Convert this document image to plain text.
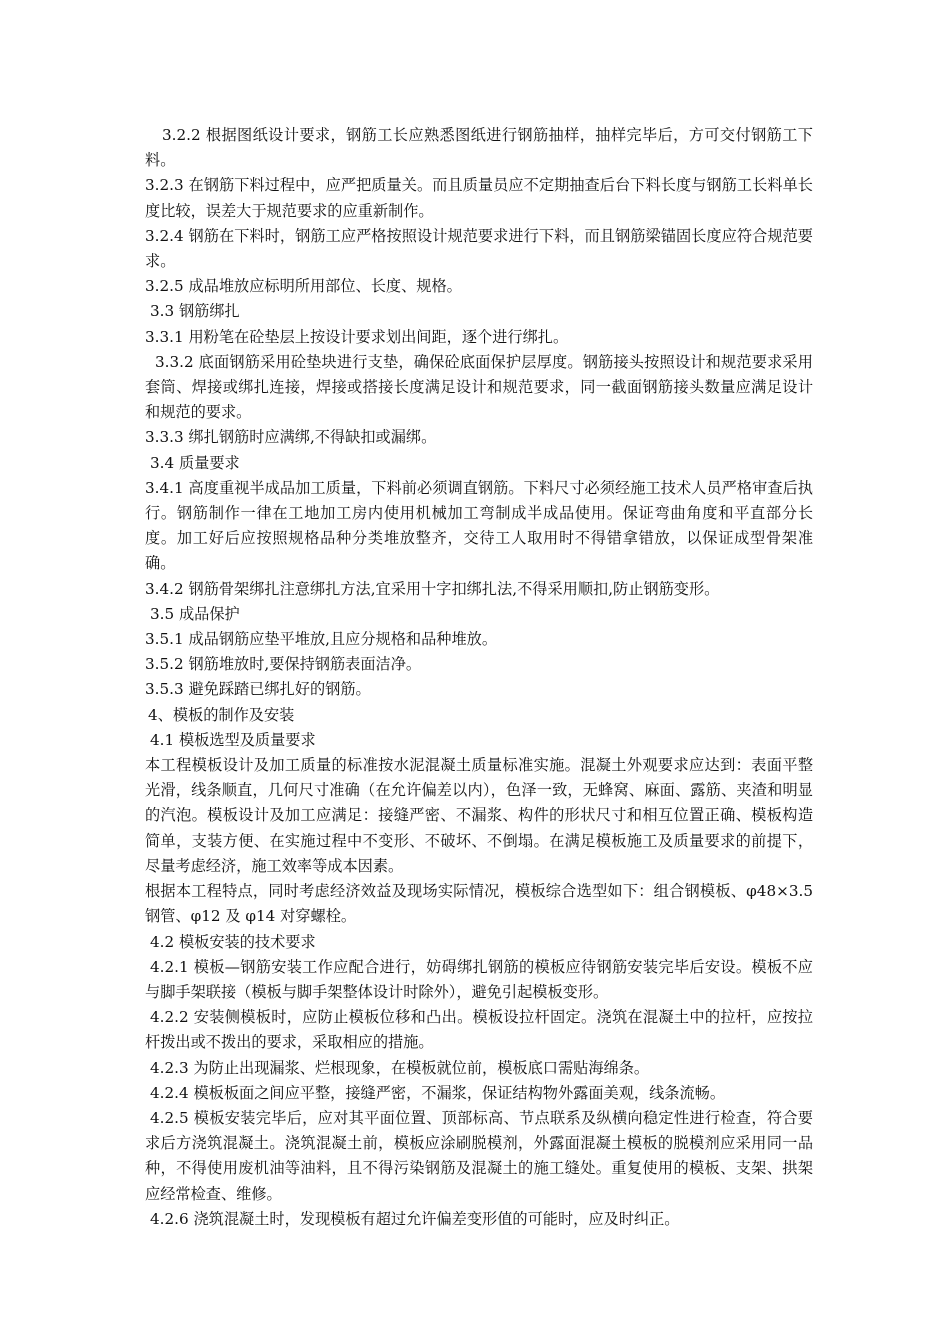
3.2.2 根据图纸设计要求，钢筋工长应熟悉图纸进行钢筋抽样，抽样完毕后，方可交付钢筋工下料。

3.2.3 在钢筋下料过程中，应严把质量关。而且质量员应不定期抽查后台下料长度与钢筋工长料单长度比较，误差大于规范要求的应重新制作。

3.2.4 钢筋在下料时，钢筋工应严格按照设计规范要求进行下料，而且钢筋梁锚固长度应符合规范要求。

3.2.5 成品堆放应标明所用部位、长度、规格。

3.3 钢筋绑扎

3.3.1 用粉笔在砼垫层上按设计要求划出间距，逐个进行绑扎。

3.3.2 底面钢筋采用砼垫块进行支垫，确保砼底面保护层厚度。钢筋接头按照设计和规范要求采用套筒、焊接或绑扎连接，焊接或搭接长度满足设计和规范要求，同一截面钢筋接头数量应满足设计和规范的要求。

3.3.3 绑扎钢筋时应满绑,不得缺扣或漏绑。

3.4 质量要求

3.4.1 高度重视半成品加工质量，下料前必须调直钢筋。下料尺寸必须经施工技术人员严格审查后执行。钢筋制作一律在工地加工房内使用机械加工弯制成半成品使用。保证弯曲角度和平直部分长度。加工好后应按照规格品种分类堆放整齐，交待工人取用时不得错拿错放，以保证成型骨架准确。

3.4.2 钢筋骨架绑扎注意绑扎方法,宜采用十字扣绑扎法,不得采用顺扣,防止钢筋变形。

3.5 成品保护

3.5.1 成品钢筋应垫平堆放,且应分规格和品种堆放。

3.5.2 钢筋堆放时,要保持钢筋表面洁净。

3.5.3 避免踩踏已绑扎好的钢筋。

4、模板的制作及安装

4.1 模板选型及质量要求

本工程模板设计及加工质量的标准按水泥混凝土质量标准实施。混凝土外观要求应达到：表面平整光滑，线条顺直，几何尺寸准确（在允许偏差以内），色泽一致，无蜂窝、麻面、露筋、夹渣和明显的汽泡。模板设计及加工应满足：接缝严密、不漏浆、构件的形状尺寸和相互位置正确、模板构造简单，支装方便、在实施过程中不变形、不破坏、不倒塌。在满足模板施工及质量要求的前提下，尽量考虑经济，施工效率等成本因素。

根据本工程特点，同时考虑经济效益及现场实际情况，模板综合选型如下：组合钢模板、φ48×3.5 钢管、φ12 及 φ14 对穿螺栓。

4.2 模板安装的技术要求

4.2.1 模板—钢筋安装工作应配合进行，妨碍绑扎钢筋的模板应待钢筋安装完毕后安设。模板不应与脚手架联接（模板与脚手架整体设计时除外），避免引起模板变形。

4.2.2 安装侧模板时，应防止模板位移和凸出。模板设拉杆固定。浇筑在混凝土中的拉杆，应按拉杆拨出或不拨出的要求，采取相应的措施。

4.2.3 为防止出现漏浆、烂根现象，在模板就位前，模板底口需贴海绵条。

4.2.4 模板板面之间应平整，接缝严密，不漏浆，保证结构物外露面美观，线条流畅。

4.2.5 模板安装完毕后，应对其平面位置、顶部标高、节点联系及纵横向稳定性进行检查，符合要求后方浇筑混凝土。浇筑混凝土前，模板应涂刷脱模剂，外露面混凝土模板的脱模剂应采用同一品种，不得使用废机油等油料，且不得污染钢筋及混凝土的施工缝处。重复使用的模板、支架、拱架应经常检查、维修。

4.2.6 浇筑混凝土时，发现模板有超过允许偏差变形值的可能时，应及时纠正。
